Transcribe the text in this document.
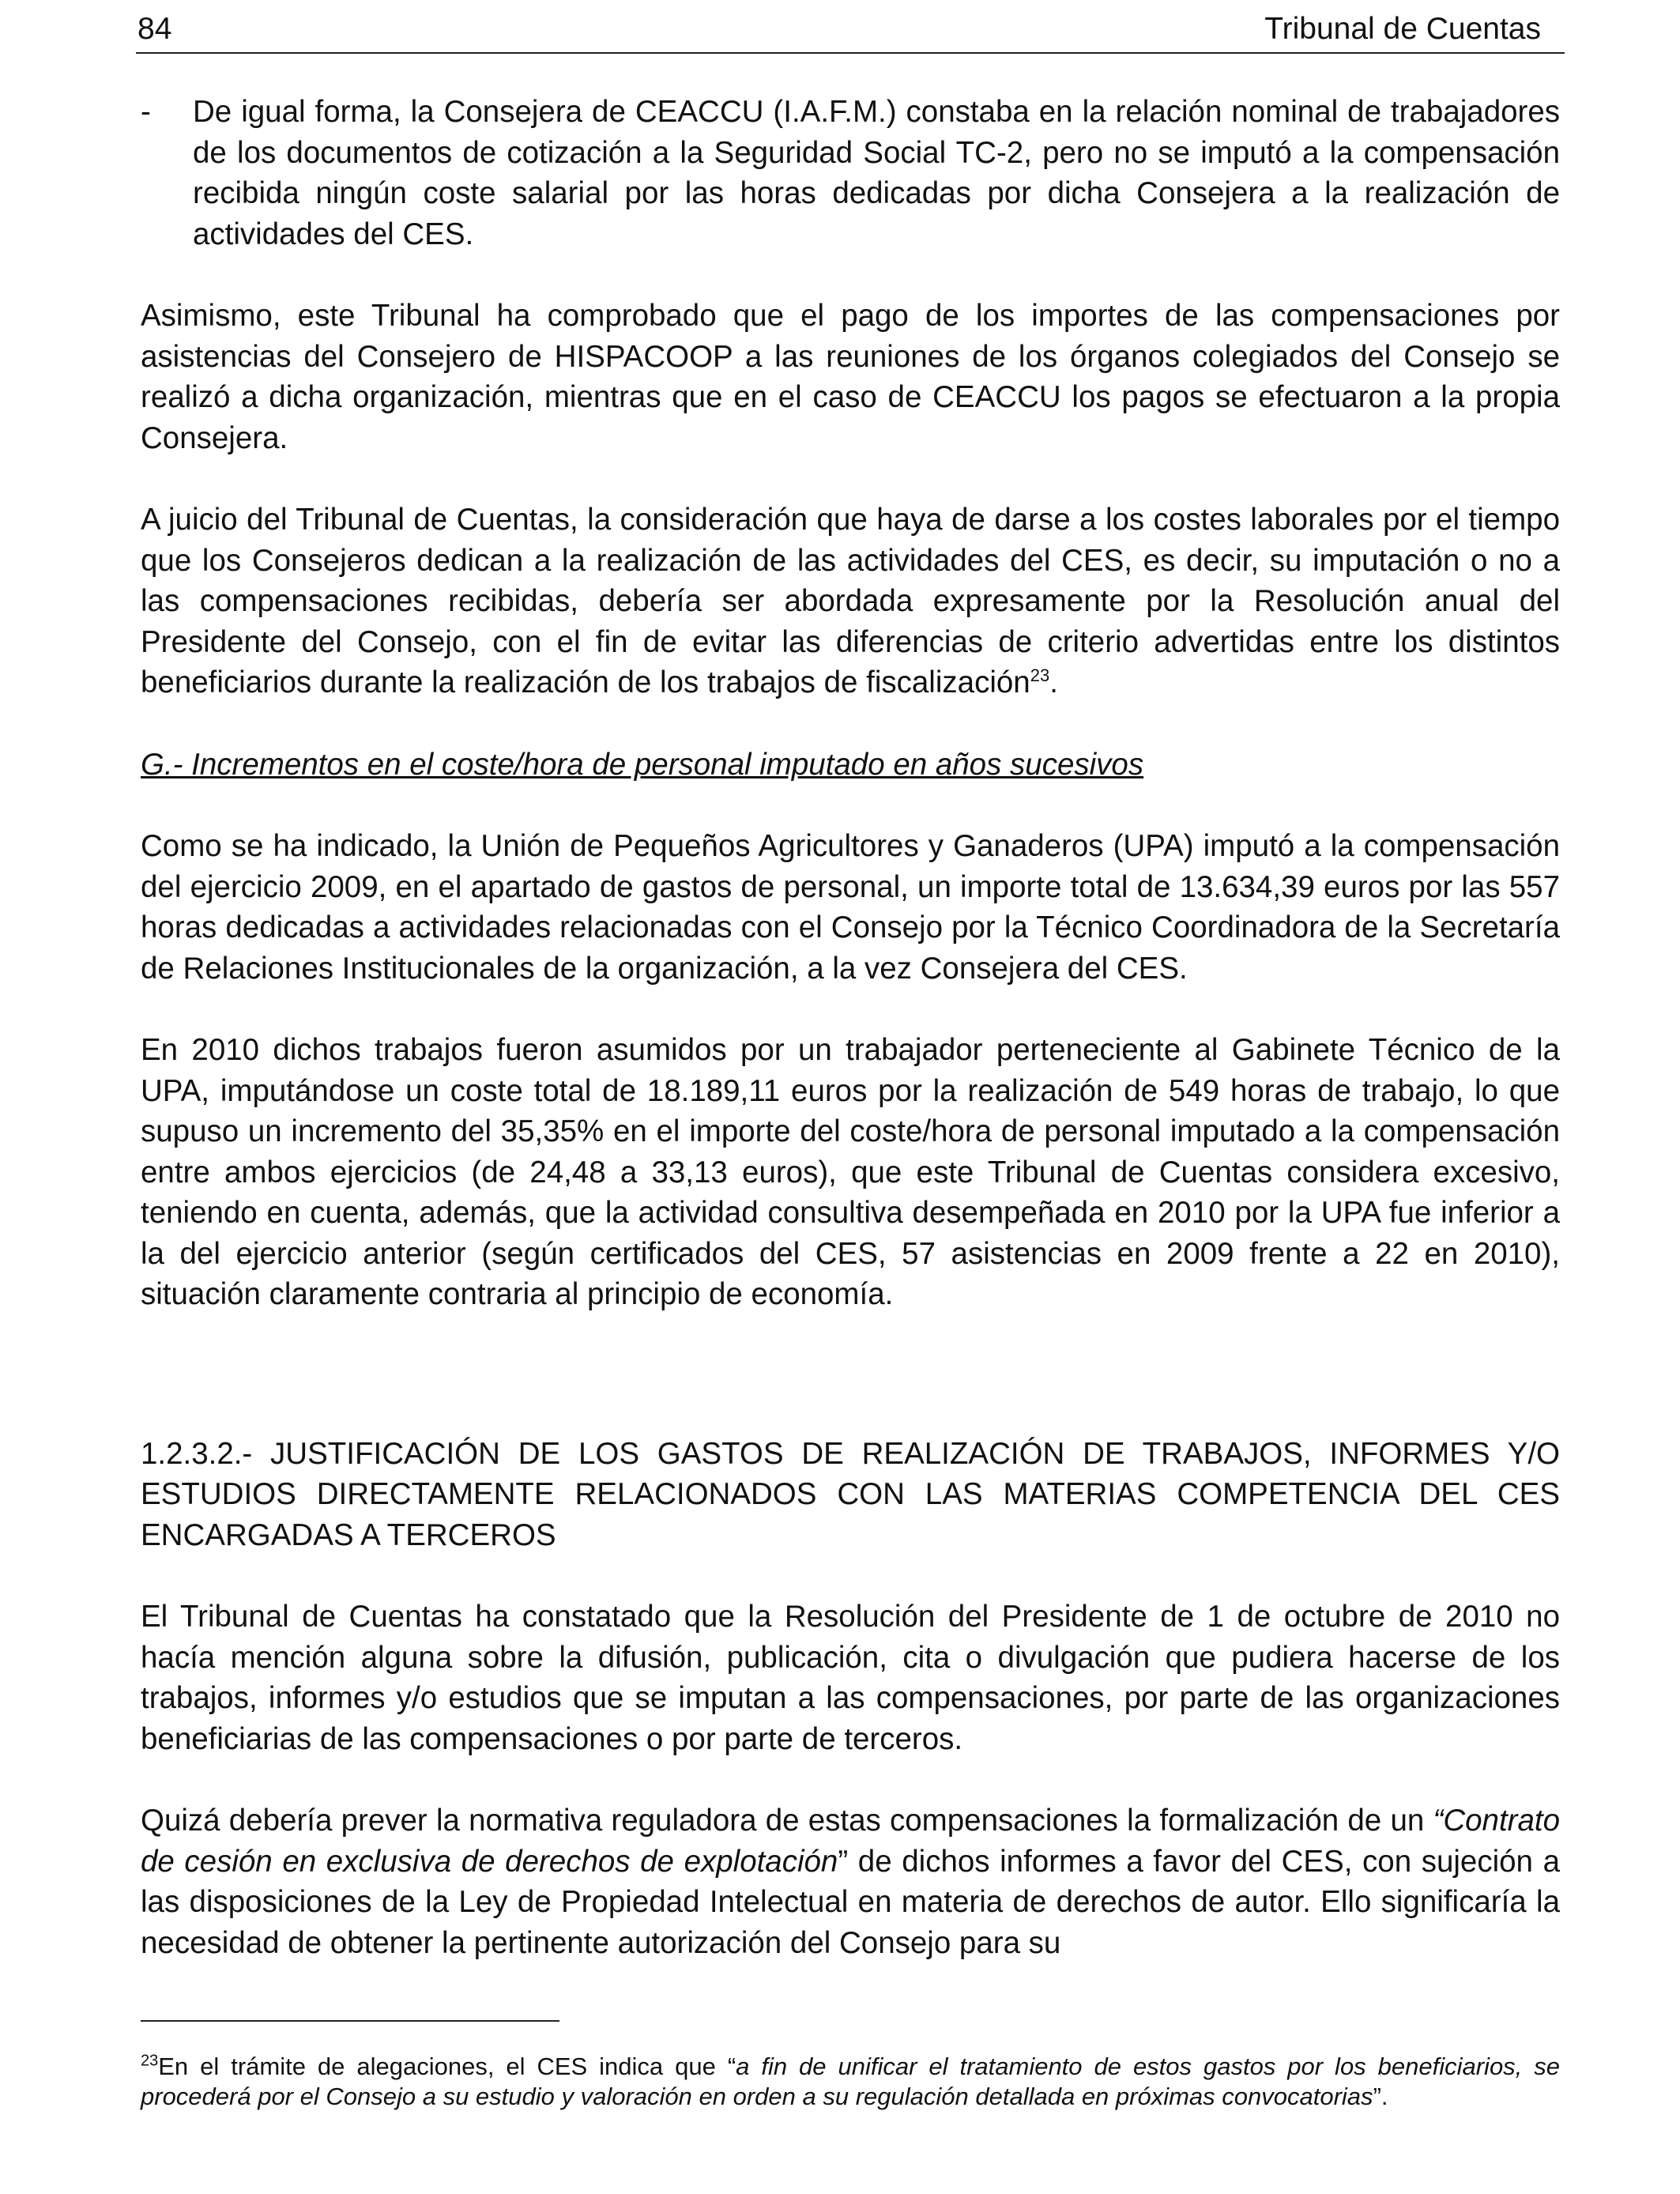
84	Tribunal de Cuentas
- De igual forma, la Consejera de CEACCU (I.A.F.M.) constaba en la relación nominal de trabajadores de los documentos de cotización a la Seguridad Social TC-2, pero no se imputó a la compensación recibida ningún coste salarial por las horas dedicadas por dicha Consejera a la realización de actividades del CES.

Asimismo, este Tribunal ha comprobado que el pago de los importes de las compensaciones por asistencias del Consejero de HISPACOOP a las reuniones de los órganos colegiados del Consejo se realizó a dicha organización, mientras que en el caso de CEACCU los pagos se efectuaron a la propia Consejera.

A juicio del Tribunal de Cuentas, la consideración que haya de darse a los costes laborales por el tiempo que los Consejeros dedican a la realización de las actividades del CES, es decir, su imputación o no a las compensaciones recibidas, debería ser abordada expresamente por la Resolución anual del Presidente del Consejo, con el fin de evitar las diferencias de criterio advertidas entre los distintos beneficiarios durante la realización de los trabajos de fiscalización$^{23}$.

G.- Incrementos en el coste/hora de personal imputado en años sucesivos

Como se ha indicado, la Unión de Pequeños Agricultores y Ganaderos (UPA) imputó a la compensación del ejercicio 2009, en el apartado de gastos de personal, un importe total de 13.634,39 euros por las 557 horas dedicadas a actividades relacionadas con el Consejo por la Técnico Coordinadora de la Secretaría de Relaciones Institucionales de la organización, a la vez Consejera del CES.

En 2010 dichos trabajos fueron asumidos por un trabajador perteneciente al Gabinete Técnico de la UPA, imputándose un coste total de 18.189,11 euros por la realización de 549 horas de trabajo, lo que supuso un incremento del 35,35% en el importe del coste/hora de personal imputado a la compensación entre ambos ejercicios (de 24,48 a 33,13 euros), que este Tribunal de Cuentas considera excesivo, teniendo en cuenta, además, que la actividad consultiva desempeñada en 2010 por la UPA fue inferior a la del ejercicio anterior (según certificados del CES, 57 asistencias en 2009 frente a 22 en 2010), situación claramente contraria al principio de economía.

1.2.3.2.- JUSTIFICACIÓN DE LOS GASTOS DE REALIZACIÓN DE TRABAJOS, INFORMES Y/O ESTUDIOS DIRECTAMENTE RELACIONADOS CON LAS MATERIAS COMPETENCIA DEL CES ENCARGADAS A TERCEROS

El Tribunal de Cuentas ha constatado que la Resolución del Presidente de 1 de octubre de 2010 no hacía mención alguna sobre la difusión, publicación, cita o divulgación que pudiera hacerse de los trabajos, informes y/o estudios que se imputan a las compensaciones, por parte de las organizaciones beneficiarias de las compensaciones o por parte de terceros.

Quizá debería prever la normativa reguladora de estas compensaciones la formalización de un “Contrato de cesión en exclusiva de derechos de explotación” de dichos informes a favor del CES, con sujeción a las disposiciones de la Ley de Propiedad Intelectual en materia de derechos de autor. Ello significaría la necesidad de obtener la pertinente autorización del Consejo para su

$^{23}$En el trámite de alegaciones, el CES indica que “a fin de unificar el tratamiento de estos gastos por los beneficiarios, se procederá por el Consejo a su estudio y valoración en orden a su regulación detallada en próximas convocatorias”.
